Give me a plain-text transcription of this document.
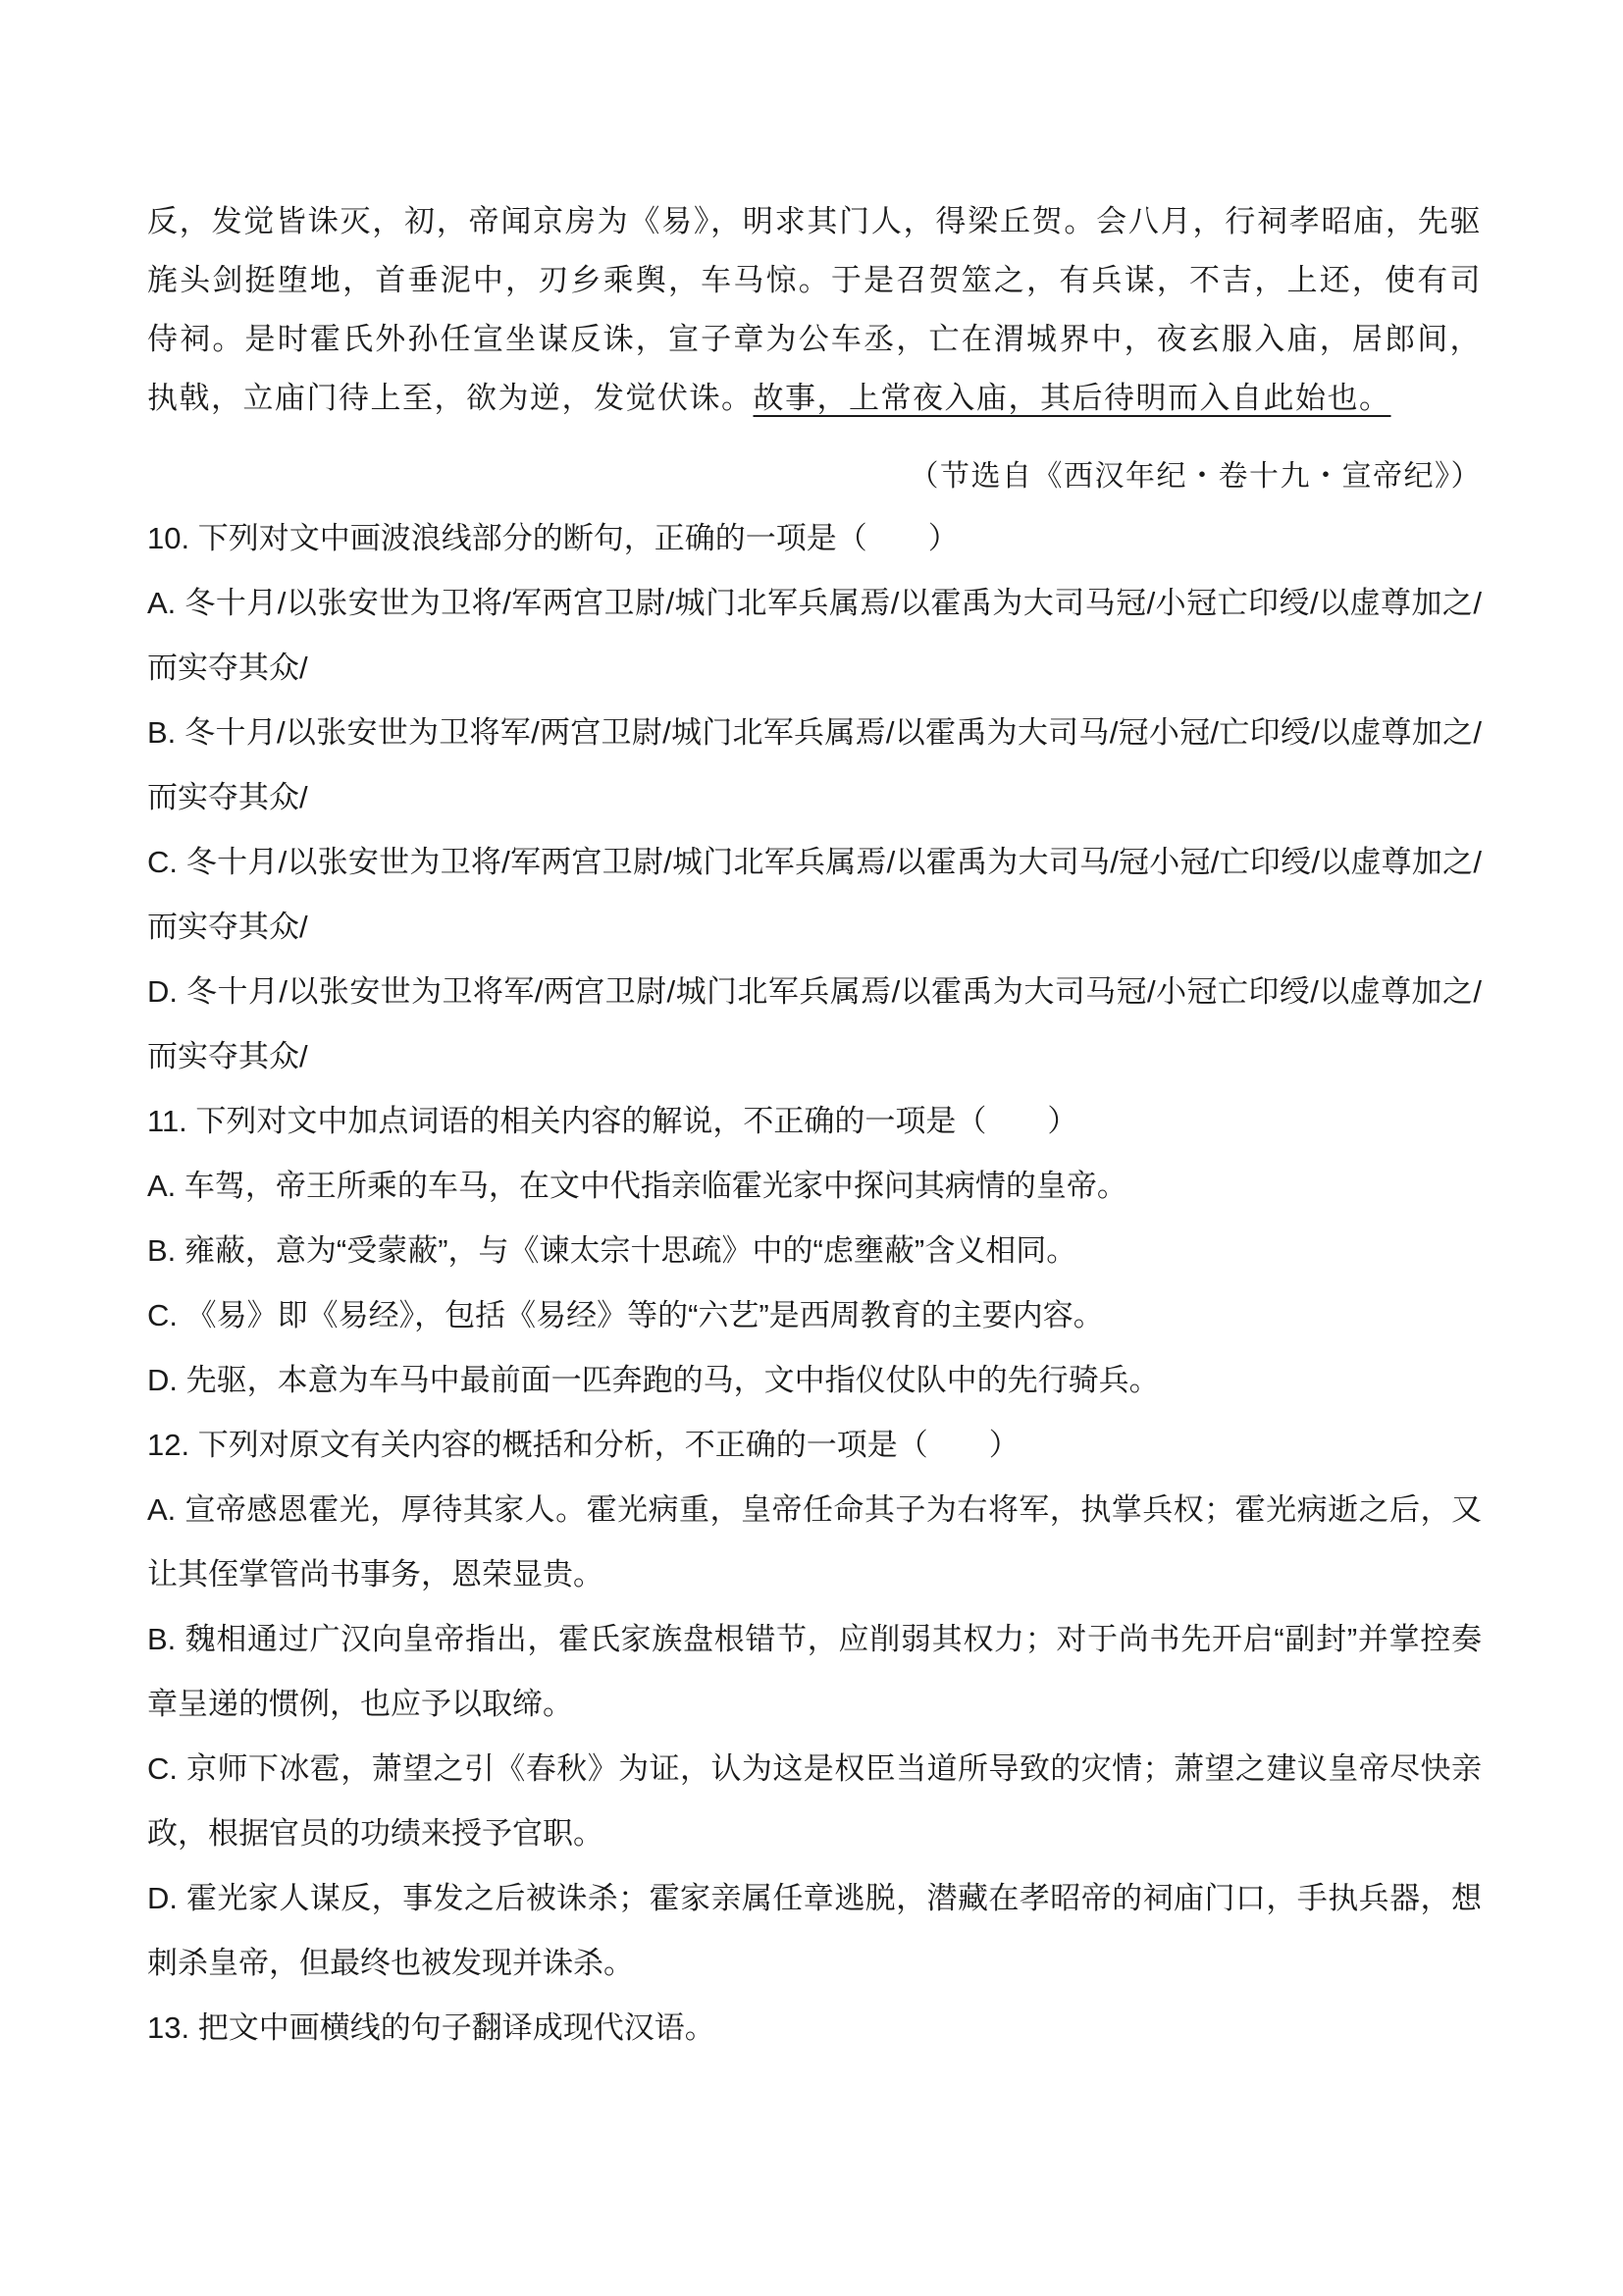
反，发觉皆诛灭，初，帝闻京房为《易》，明求其门人，得梁丘贺。会八月，行祠孝昭庙，先驱旄头剑挺堕地，首垂泥中，刃乡乘舆，车马惊。于是召贺筮之，有兵谋，不吉，上还，使有司侍祠。是时霍氏外孙任宣坐谋反诛，宣子章为公车丞，亡在渭城界中，夜玄服入庙，居郎间，执戟，立庙门待上至，欲为逆，发觉伏诛。故事，上常夜入庙，其后待明而入自此始也。

（节选自《西汉年纪・卷十九・宣帝纪》）

10. 下列对文中画波浪线部分的断句，正确的一项是（　　）

A. 冬十月/以张安世为卫将/军两宫卫尉/城门北军兵属焉/以霍禹为大司马冠/小冠亡印绶/以虚尊加之/而实夺其众/

B. 冬十月/以张安世为卫将军/两宫卫尉/城门北军兵属焉/以霍禹为大司马/冠小冠/亡印绶/以虚尊加之/而实夺其众/

C. 冬十月/以张安世为卫将/军两宫卫尉/城门北军兵属焉/以霍禹为大司马/冠小冠/亡印绶/以虚尊加之/而实夺其众/

D. 冬十月/以张安世为卫将军/两宫卫尉/城门北军兵属焉/以霍禹为大司马冠/小冠亡印绶/以虚尊加之/而实夺其众/

11. 下列对文中加点词语的相关内容的解说，不正确的一项是（　　）

A. 车驾，帝王所乘的车马，在文中代指亲临霍光家中探问其病情的皇帝。

B. 雍蔽，意为“受蒙蔽”，与《谏太宗十思疏》中的“虑壅蔽”含义相同。

C. 《易》即《易经》，包括《易经》等的“六艺”是西周教育的主要内容。

D. 先驱，本意为车马中最前面一匹奔跑的马，文中指仪仗队中的先行骑兵。

12. 下列对原文有关内容的概括和分析，不正确的一项是（　　）

A. 宣帝感恩霍光，厚待其家人。霍光病重，皇帝任命其子为右将军，执掌兵权；霍光病逝之后，又让其侄掌管尚书事务，恩荣显贵。

B. 魏相通过广汉向皇帝指出，霍氏家族盘根错节，应削弱其权力；对于尚书先开启“副封”并掌控奏章呈递的惯例，也应予以取缔。

C. 京师下冰雹，萧望之引《春秋》为证，认为这是权臣当道所导致的灾情；萧望之建议皇帝尽快亲政，根据官员的功绩来授予官职。

D. 霍光家人谋反，事发之后被诛杀；霍家亲属任章逃脱，潜藏在孝昭帝的祠庙门口，手执兵器，想刺杀皇帝，但最终也被发现并诛杀。

13. 把文中画横线的句子翻译成现代汉语。
